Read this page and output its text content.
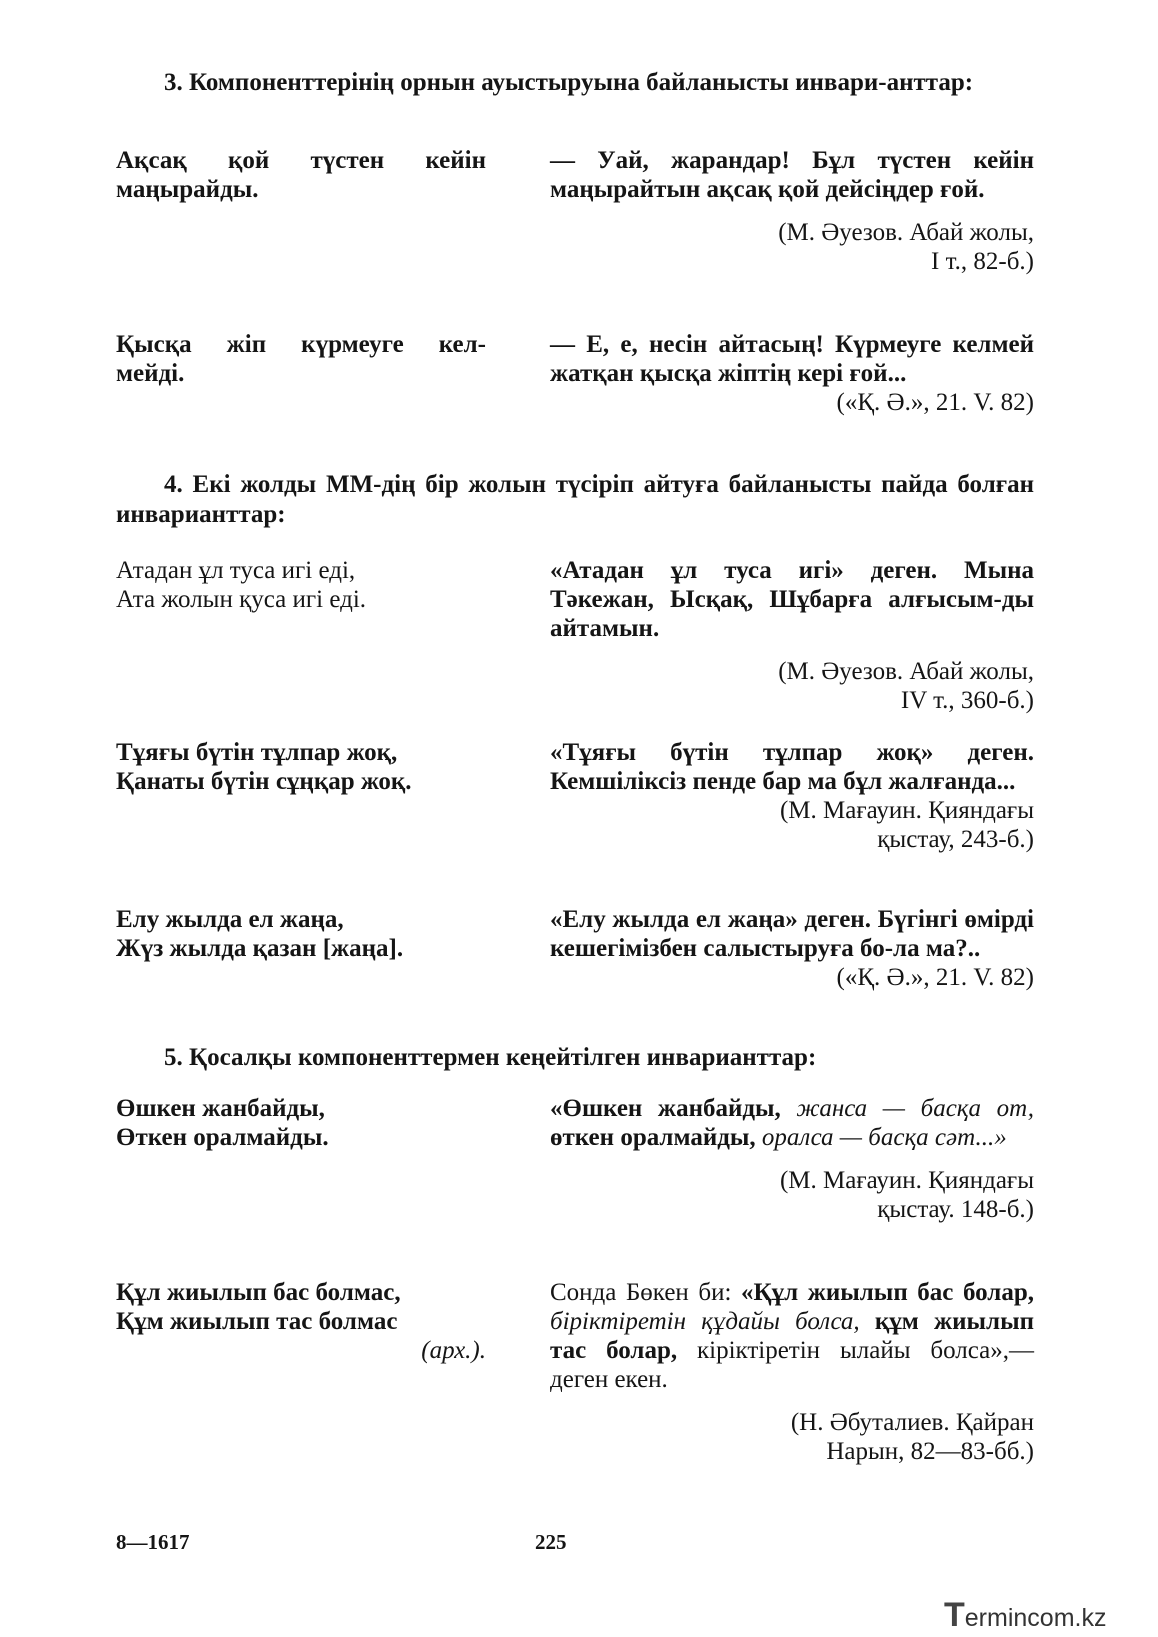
3. Компоненттерінің орнын ауыстыруына байланысты инвари-анттар:

Ақсақ қой түстен кейін
маңырайды.
— Уай, жарандар! Бұл түстен кейін маңырайтын ақсақ қой дейсіңдер ғой.
(М. Әуезов. Абай жолы,
І т., 82-б.)
Қысқа жіп күрмеуге кел-
мейді.
— Е, е, несін айтасың! Күрмеуге келмей жатқан қысқа жіптің кері ғой...
(«Қ. Ә.», 21. V. 82)

4. Екі жолды ММ-дің бір жолын түсіріп айтуға байланысты пайда болған инварианттар:

Атадан ұл туса игі еді,
Ата жолын қуса игі еді.
«Атадан ұл туса игі» деген. Мына Тәкежан, Ысқақ, Шұбарға алғысым-ды айтамын.
(М. Әуезов. Абай жолы,
IV т., 360-б.)
Тұяғы бүтін тұлпар жоқ,
Қанаты бүтін сұңқар жоқ.
«Тұяғы бүтін тұлпар жоқ» деген. Кемшіліксіз пенде бар ма бұл жалғанда...
(М. Мағауин. Қияндағы
қыстау, 243-б.)
Елу жылда ел жаңа,
Жүз жылда қазан [жаңа].
«Елу жылда ел жаңа» деген. Бүгінгі өмірді кешегімізбен салыстыруға бо-ла ма?..
(«Қ. Ә.», 21. V. 82)

5. Қосалқы компоненттермен кеңейтілген инварианттар:

Өшкен жанбайды,
Өткен оралмайды.
«Өшкен жанбайды, жанса — басқа от, өткен оралмайды, оралса — басқа сәт...»
(М. Мағауин. Қияндағы
қыстау. 148-б.)
Құл жиылып бас болмас,
Құм жиылып тас болмас
(арх.).
Сонда Бөкен би: «Құл жиылып бас болар, біріктіретін құдайы болса, құм жиылып тас болар, кіріктіретін ылайы болса»,— деген екен.
(Н. Әбуталиев. Қайран
Нарын, 82—83-бб.)
8—1617	225
Termincom.kz
